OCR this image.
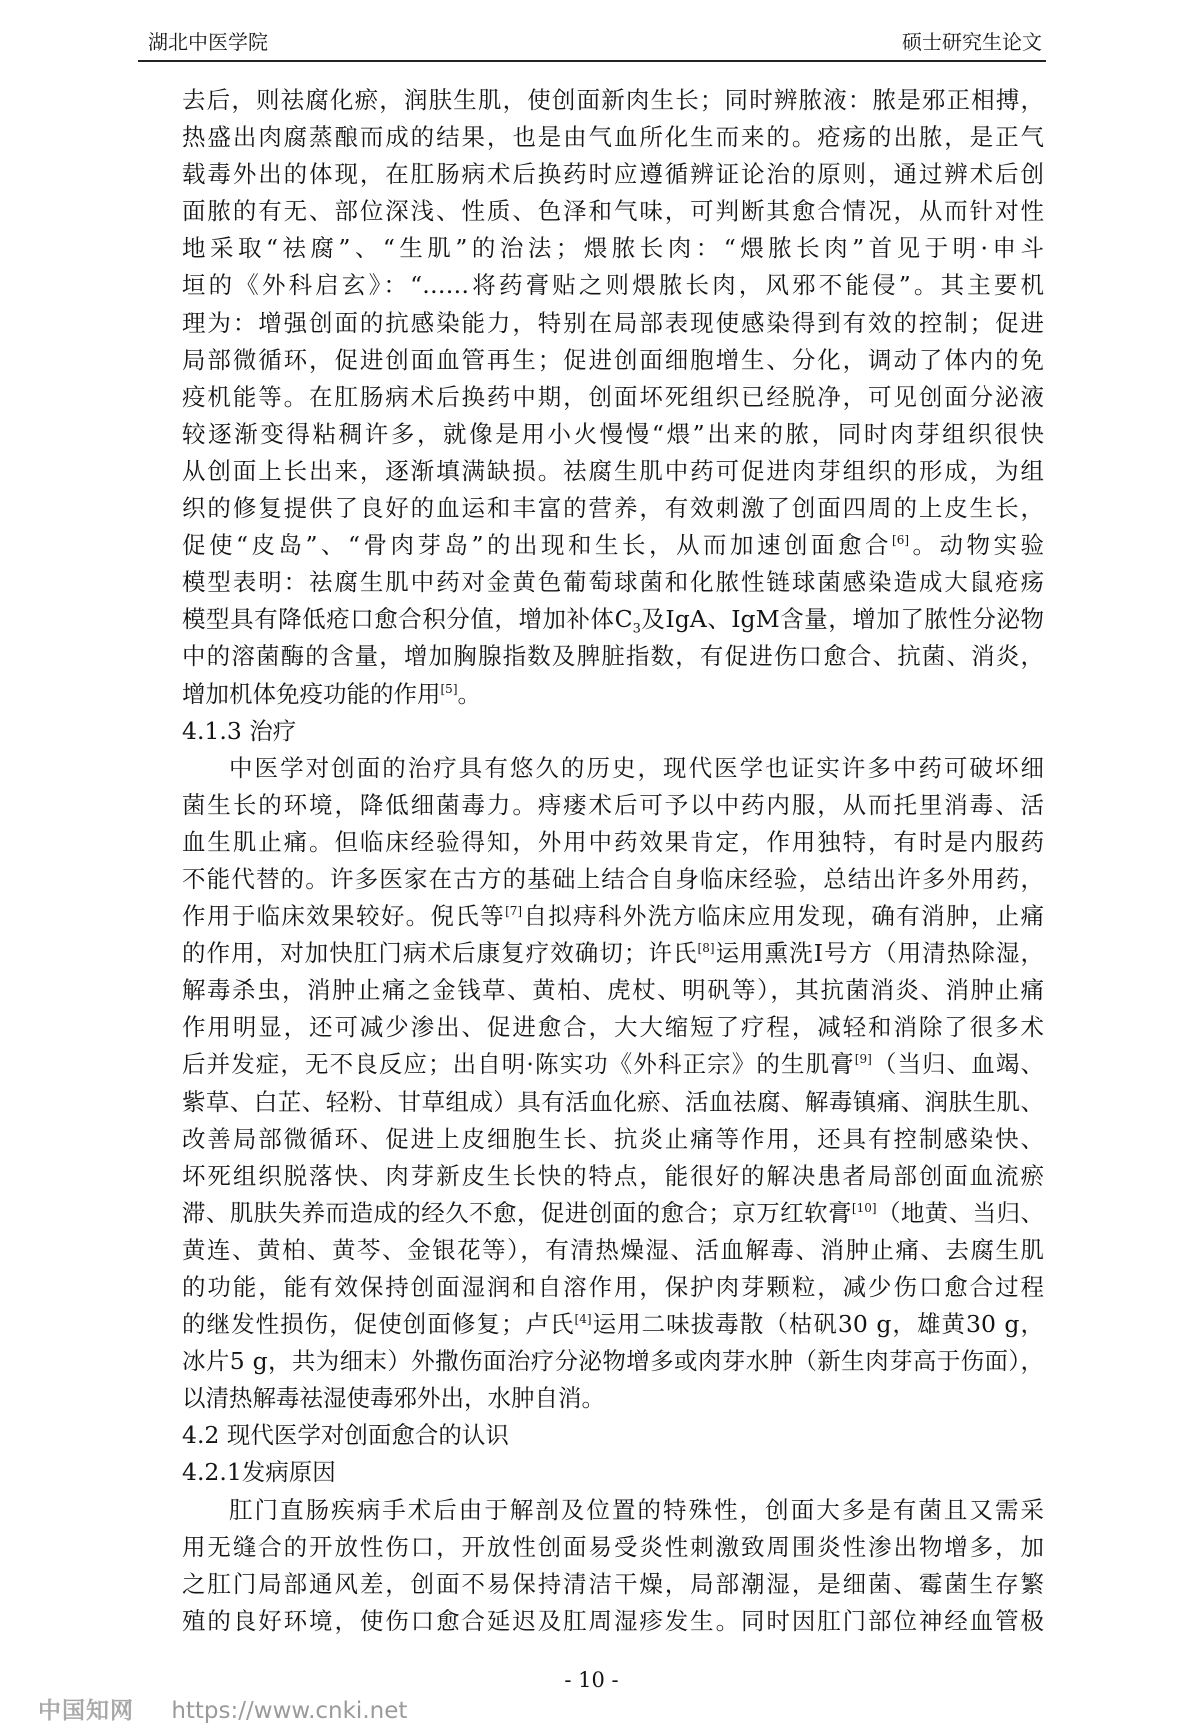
湖北中医学院	硕士研究生论文
去后，则祛腐化瘀，润肤生肌，使创面新肉生长；同时辨脓液：脓是邪正相搏，
热盛出肉腐蒸酿而成的结果，也是由气血所化生而来的。疮疡的出脓，是正气
载毒外出的体现，在肛肠病术后换药时应遵循辨证论治的原则，通过辨术后创
面脓的有无、部位深浅、性质、色泽和气味，可判断其愈合情况，从而针对性
地采取“祛腐”、“生肌”的治法；煨脓长肉：“煨脓长肉”首见于明·申斗
垣的《外科启玄》：“……将药膏贴之则煨脓长肉，风邪不能侵”。其主要机
理为：增强创面的抗感染能力，特别在局部表现使感染得到有效的控制；促进
局部微循环，促进创面血管再生；促进创面细胞增生、分化，调动了体内的免
疫机能等。在肛肠病术后换药中期，创面坏死组织已经脱净，可见创面分泌液
较逐渐变得粘稠许多，就像是用小火慢慢“煨”出来的脓，同时肉芽组织很快
从创面上长出来，逐渐填满缺损。祛腐生肌中药可促进肉芽组织的形成，为组
织的修复提供了良好的血运和丰富的营养，有效刺激了创面四周的上皮生长，
促使“皮岛”、“骨肉芽岛”的出现和生长，从而加速创面愈合[6]。动物实验
模型表明：祛腐生肌中药对金黄色葡萄球菌和化脓性链球菌感染造成大鼠疮疡
模型具有降低疮口愈合积分值，增加补体$C_3$及IgA、IgM含量，增加了脓性分泌物
中的溶菌酶的含量，增加胸腺指数及脾脏指数，有促进伤口愈合、抗菌、消炎，
增加机体免疫功能的作用[5]。
4.1.3 治疗
中医学对创面的治疗具有悠久的历史，现代医学也证实许多中药可破坏细
菌生长的环境，降低细菌毒力。痔瘘术后可予以中药内服，从而托里消毒、活
血生肌止痛。但临床经验得知，外用中药效果肯定，作用独特，有时是内服药
不能代替的。许多医家在古方的基础上结合自身临床经验，总结出许多外用药，
作用于临床效果较好。倪氏等[7]自拟痔科外洗方临床应用发现，确有消肿，止痛
的作用，对加快肛门病术后康复疗效确切；许氏[8]运用熏洗Ⅰ号方（用清热除湿，
解毒杀虫，消肿止痛之金钱草、黄柏、虎杖、明矾等），其抗菌消炎、消肿止痛
作用明显，还可减少渗出、促进愈合，大大缩短了疗程，减轻和消除了很多术
后并发症，无不良反应；出自明·陈实功《外科正宗》的生肌膏[9]（当归、血竭、
紫草、白芷、轻粉、甘草组成）具有活血化瘀、活血祛腐、解毒镇痛、润肤生肌、
改善局部微循环、促进上皮细胞生长、抗炎止痛等作用，还具有控制感染快、
坏死组织脱落快、肉芽新皮生长快的特点，能很好的解决患者局部创面血流瘀
滞、肌肤失养而造成的经久不愈，促进创面的愈合；京万红软膏[10]（地黄、当归、
黄连、黄柏、黄芩、金银花等），有清热燥湿、活血解毒、消肿止痛、去腐生肌
的功能，能有效保持创面湿润和自溶作用，保护肉芽颗粒，减少伤口愈合过程
的继发性损伤，促使创面修复；卢氏[4]运用二味拔毒散（枯矾30 g，雄黄30 g，
冰片5 g，共为细末）外撒伤面治疗分泌物增多或肉芽水肿（新生肉芽高于伤面），
以清热解毒祛湿使毒邪外出，水肿自消。
4.2 现代医学对创面愈合的认识
4.2.1发病原因
肛门直肠疾病手术后由于解剖及位置的特殊性，创面大多是有菌且又需采
用无缝合的开放性伤口，开放性创面易受炎性刺激致周围炎性渗出物增多，加
之肛门局部通风差，创面不易保持清洁干燥，局部潮湿，是细菌、霉菌生存繁
殖的良好环境，使伤口愈合延迟及肛周湿疹发生。同时因肛门部位神经血管极
- 10 -
中国知网 https://www.cnki.net
